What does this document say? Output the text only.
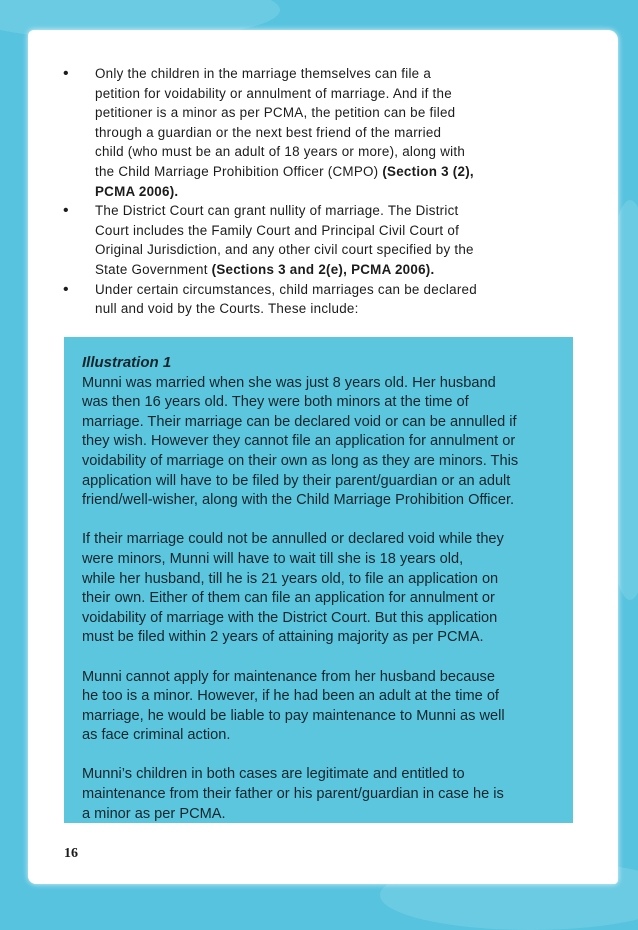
• Only the children in the marriage themselves can file a
petition for voidability or annulment of marriage. And if the
petitioner is a minor as per PCMA, the petition can be filed
through a guardian or the next best friend of the married
child (who must be an adult of 18 years or more), along with
the Child Marriage Prohibition Officer (CMPO) (Section 3 (2),
PCMA 2006).
• The District Court can grant nullity of marriage. The District
Court includes the Family Court and Principal Civil Court of
Original Jurisdiction, and any other civil court specified by the
State Government (Sections 3 and 2(e), PCMA 2006).
• Under certain circumstances, child marriages can be declared
null and void by the Courts. These include:
Illustration 1

Munni was married when she was just 8 years old. Her husband
was then 16 years old. They were both minors at the time of
marriage. Their marriage can be declared void or can be annulled if
they wish. However they cannot file an application for annulment or
voidability of marriage on their own as long as they are minors. This
application will have to be filed by their parent/guardian or an adult
friend/well-wisher, along with the Child Marriage Prohibition Officer.

If their marriage could not be annulled or declared void while they
were minors, Munni will have to wait till she is 18 years old,
while her husband, till he is 21 years old, to file an application on
their own. Either of them can file an application for annulment or
voidability of marriage with the District Court. But this application
must be filed within 2 years of attaining majority as per PCMA.

Munni cannot apply for maintenance from her husband because
he too is a minor. However, if he had been an adult at the time of
marriage, he would be liable to pay maintenance to Munni as well
as face criminal action.

Munni’s children in both cases are legitimate and entitled to
maintenance from their father or his parent/guardian in case he is
a minor as per PCMA.

16
